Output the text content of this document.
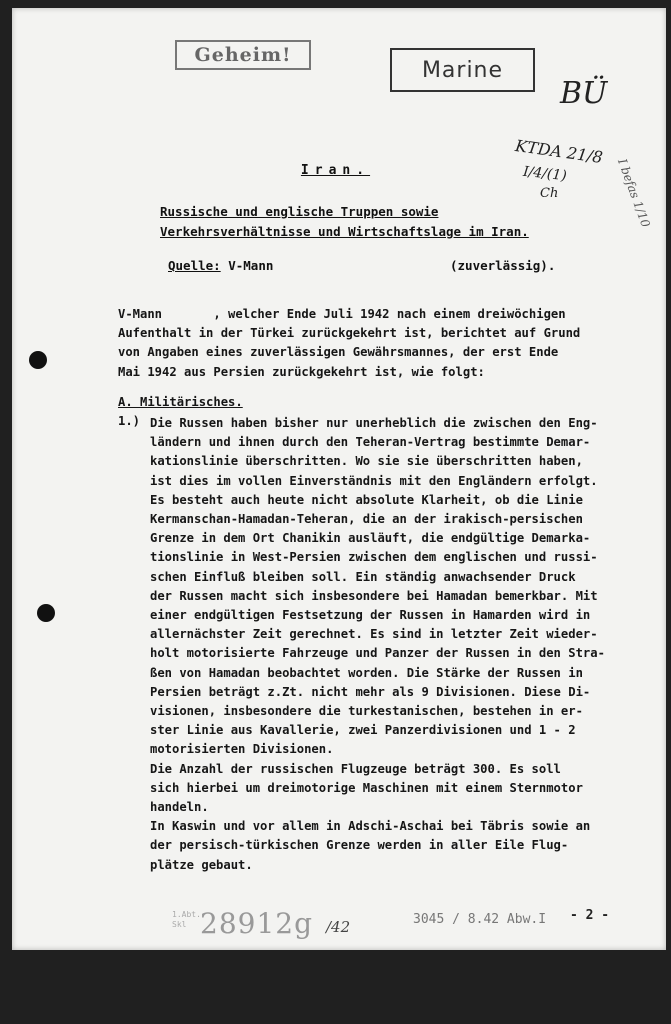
Geheim!
Marine
BÜ
KTDA 21/8
I/4/(1)
Ch	I befas 1/10
Iran.
Russische und englische Truppen sowie Verkehrsverhältnisse und Wirtschaftslage im Iran.
Quelle: V-Mann	(zuverlässig).
V-Mann       , welcher Ende Juli 1942 nach einem dreiwöchigen
Aufenthalt in der Türkei zurückgekehrt ist, berichtet auf Grund
von Angaben eines zuverlässigen Gewährsmannes, der erst Ende
Mai 1942 aus Persien zurückgekehrt ist, wie folgt:
A. Militärisches.
1.) Die Russen haben bisher nur unerheblich die zwischen den Eng-
ländern und ihnen durch den Teheran-Vertrag bestimmte Demar-
kationslinie überschritten. Wo sie sie überschritten haben,
ist dies im vollen Einverständnis mit den Engländern erfolgt.
Es besteht auch heute nicht absolute Klarheit, ob die Linie
Kermanschan-Hamadan-Teheran, die an der irakisch-persischen
Grenze in dem Ort Chanikin ausläuft, die endgültige Demarka-
tionslinie in West-Persien zwischen dem englischen und russi-
schen Einfluß bleiben soll. Ein ständig anwachsender Druck
der Russen macht sich insbesondere bei Hamadan bemerkbar. Mit
einer endgültigen Festsetzung der Russen in Hamarden wird in
allernächster Zeit gerechnet. Es sind in letzter Zeit wieder-
holt motorisierte Fahrzeuge und Panzer der Russen in den Stra-
ßen von Hamadan beobachtet worden. Die Stärke der Russen in
Persien beträgt z.Zt. nicht mehr als 9 Divisionen. Diese Di-
visionen, insbesondere die turkestanischen, bestehen in er-
ster Linie aus Kavallerie, zwei Panzerdivisionen und 1 - 2
motorisierten Divisionen.
Die Anzahl der russischen Flugzeuge beträgt 300. Es soll
sich hierbei um dreimotorige Maschinen mit einem Sternmotor
handeln.
In Kaswin und vor allem in Adschi-Aschai bei Täbris sowie an
der persisch-türkischen Grenze werden in aller Eile Flug-
plätze gebaut.
1.Abt. Skl 28912g /42	3045 / 8.42 Abw.I - 2 -
